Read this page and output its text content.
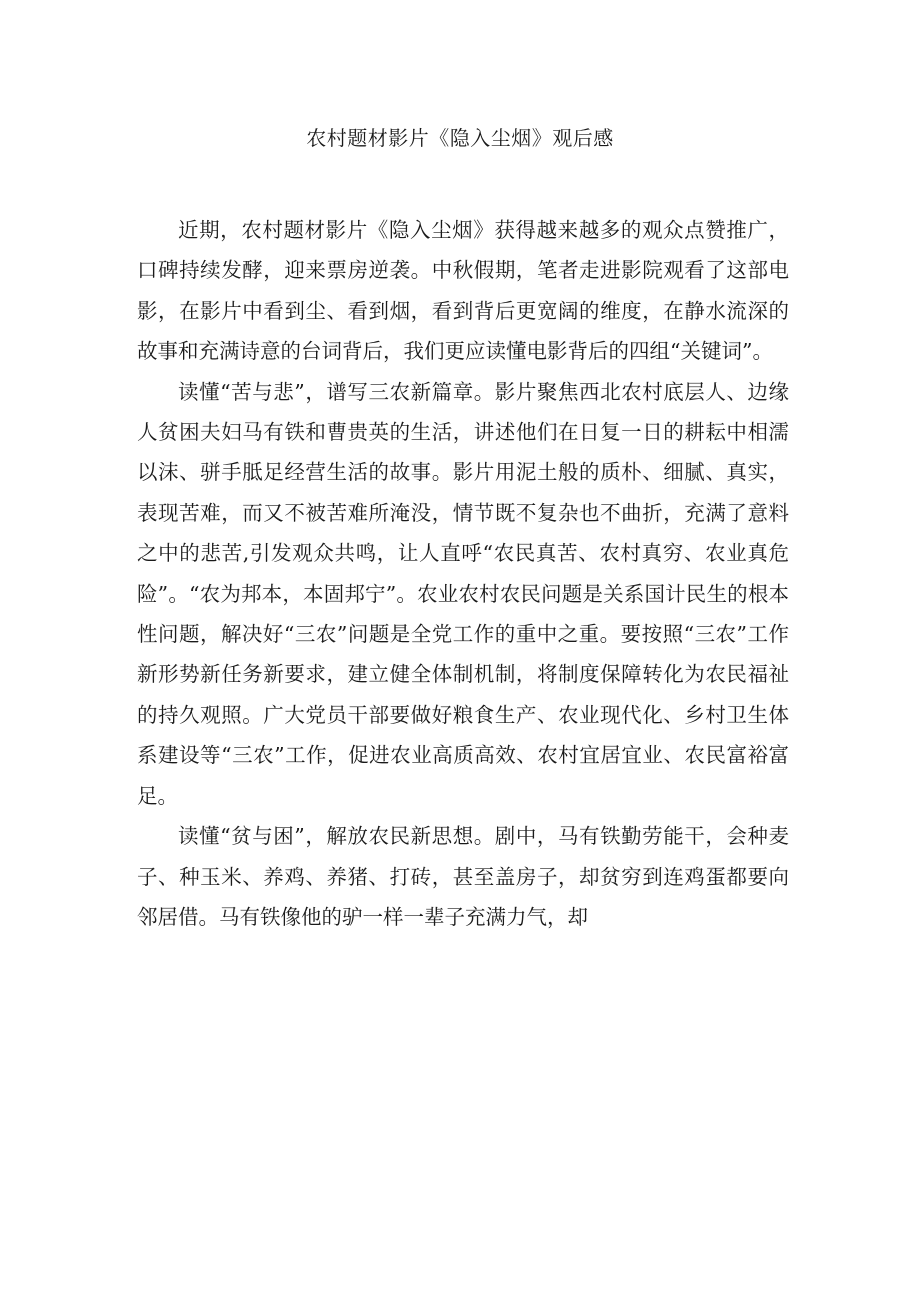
农村题材影片《隐入尘烟》观后感

近期，农村题材影片《隐入尘烟》获得越来越多的观众点赞推广，口碑持续发酵，迎来票房逆袭。中秋假期，笔者走进影院观看了这部电影，在影片中看到尘、看到烟，看到背后更宽阔的维度，在静水流深的故事和充满诗意的台词背后，我们更应读懂电影背后的四组“关键词”。

读懂“苦与悲”，谱写三农新篇章。影片聚焦西北农村底层人、边缘人贫困夫妇马有铁和曹贵英的生活，讲述他们在日复一日的耕耘中相濡以沫、骈手胝足经营生活的故事。影片用泥土般的质朴、细腻、真实，表现苦难，而又不被苦难所淹没，情节既不复杂也不曲折，充满了意料之中的悲苦,引发观众共鸣，让人直呼“农民真苦、农村真穷、农业真危险”。“农为邦本，本固邦宁”。农业农村农民问题是关系国计民生的根本性问题，解决好“三农”问题是全党工作的重中之重。要按照“三农”工作新形势新任务新要求，建立健全体制机制，将制度保障转化为农民福祉的持久观照。广大党员干部要做好粮食生产、农业现代化、乡村卫生体系建设等“三农”工作，促进农业高质高效、农村宜居宜业、农民富裕富足。

读懂“贫与困”，解放农民新思想。剧中，马有铁勤劳能干，会种麦子、种玉米、养鸡、养猪、打砖，甚至盖房子，却贫穷到连鸡蛋都要向邻居借。马有铁像他的驴一样一辈子充满力气，却
